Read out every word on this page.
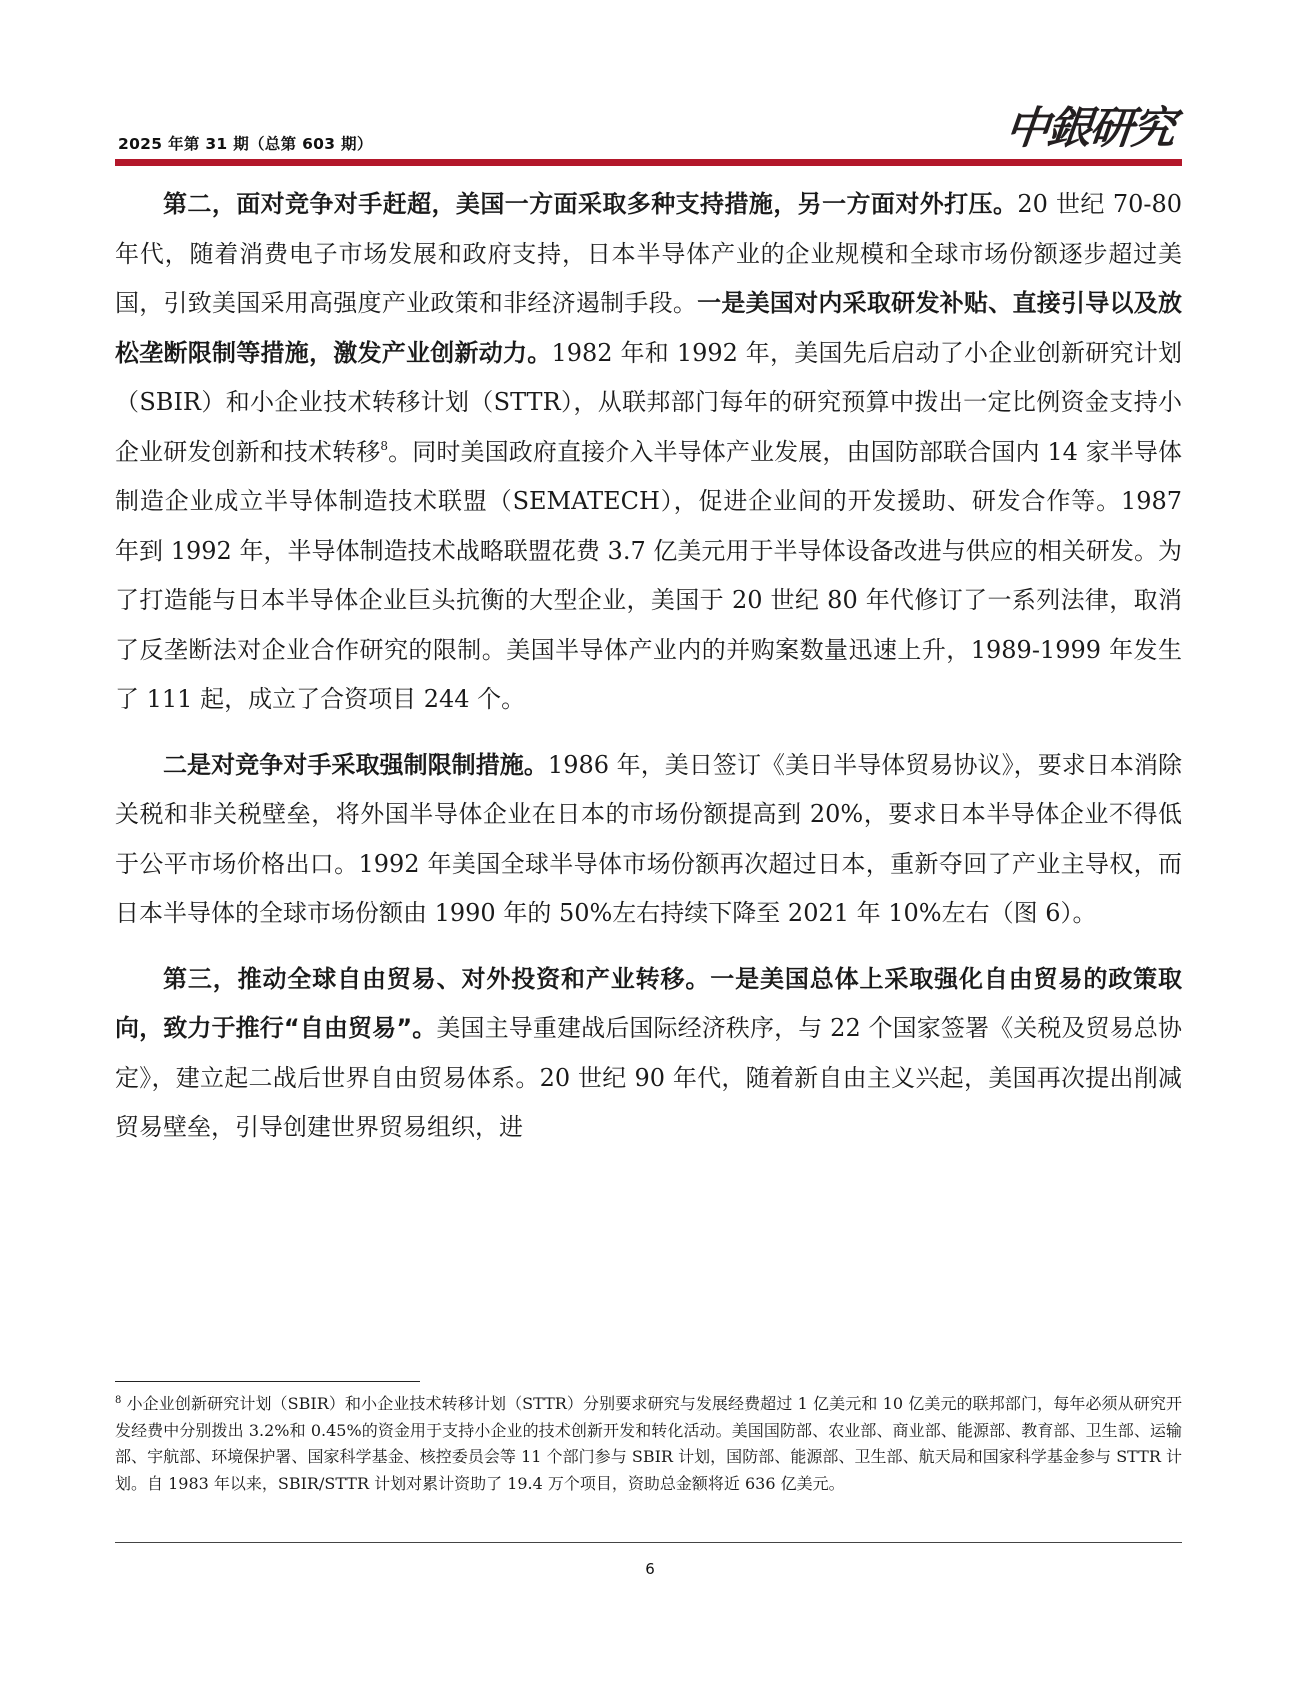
2025 年第 31 期（总第 603 期）	中銀研究

第二，面对竞争对手赶超，美国一方面采取多种支持措施，另一方面对外打压。20 世纪 70-80 年代，随着消费电子市场发展和政府支持，日本半导体产业的企业规模和全球市场份额逐步超过美国，引致美国采用高强度产业政策和非经济遏制手段。一是美国对内采取研发补贴、直接引导以及放松垄断限制等措施，激发产业创新动力。1982 年和 1992 年，美国先后启动了小企业创新研究计划（SBIR）和小企业技术转移计划（STTR），从联邦部门每年的研究预算中拨出一定比例资金支持小企业研发创新和技术转移$^8$。同时美国政府直接介入半导体产业发展，由国防部联合国内 14 家半导体制造企业成立半导体制造技术联盟（SEMATECH），促进企业间的开发援助、研发合作等。1987 年到 1992 年，半导体制造技术战略联盟花费 3.7 亿美元用于半导体设备改进与供应的相关研发。为了打造能与日本半导体企业巨头抗衡的大型企业，美国于 20 世纪 80 年代修订了一系列法律，取消了反垄断法对企业合作研究的限制。美国半导体产业内的并购案数量迅速上升，1989-1999 年发生了 111 起，成立了合资项目 244 个。

二是对竞争对手采取强制限制措施。1986 年，美日签订《美日半导体贸易协议》，要求日本消除关税和非关税壁垒，将外国半导体企业在日本的市场份额提高到 20%，要求日本半导体企业不得低于公平市场价格出口。1992 年美国全球半导体市场份额再次超过日本，重新夺回了产业主导权，而日本半导体的全球市场份额由 1990 年的 50%左右持续下降至 2021 年 10%左右（图 6）。

第三，推动全球自由贸易、对外投资和产业转移。一是美国总体上采取强化自由贸易的政策取向，致力于推行“自由贸易”。美国主导重建战后国际经济秩序，与 22 个国家签署《关税及贸易总协定》，建立起二战后世界自由贸易体系。20 世纪 90 年代，随着新自由主义兴起，美国再次提出削减贸易壁垒，引导创建世界贸易组织，进

$^8$ 小企业创新研究计划（SBIR）和小企业技术转移计划（STTR）分别要求研究与发展经费超过 1 亿美元和 10 亿美元的联邦部门，每年必须从研究开发经费中分别拨出 3.2%和 0.45%的资金用于支持小企业的技术创新开发和转化活动。美国国防部、农业部、商业部、能源部、教育部、卫生部、运输部、宇航部、环境保护署、国家科学基金、核控委员会等 11 个部门参与 SBIR 计划，国防部、能源部、卫生部、航天局和国家科学基金参与 STTR 计划。自 1983 年以来，SBIR/STTR 计划对累计资助了 19.4 万个项目，资助总金额将近 636 亿美元。
6
